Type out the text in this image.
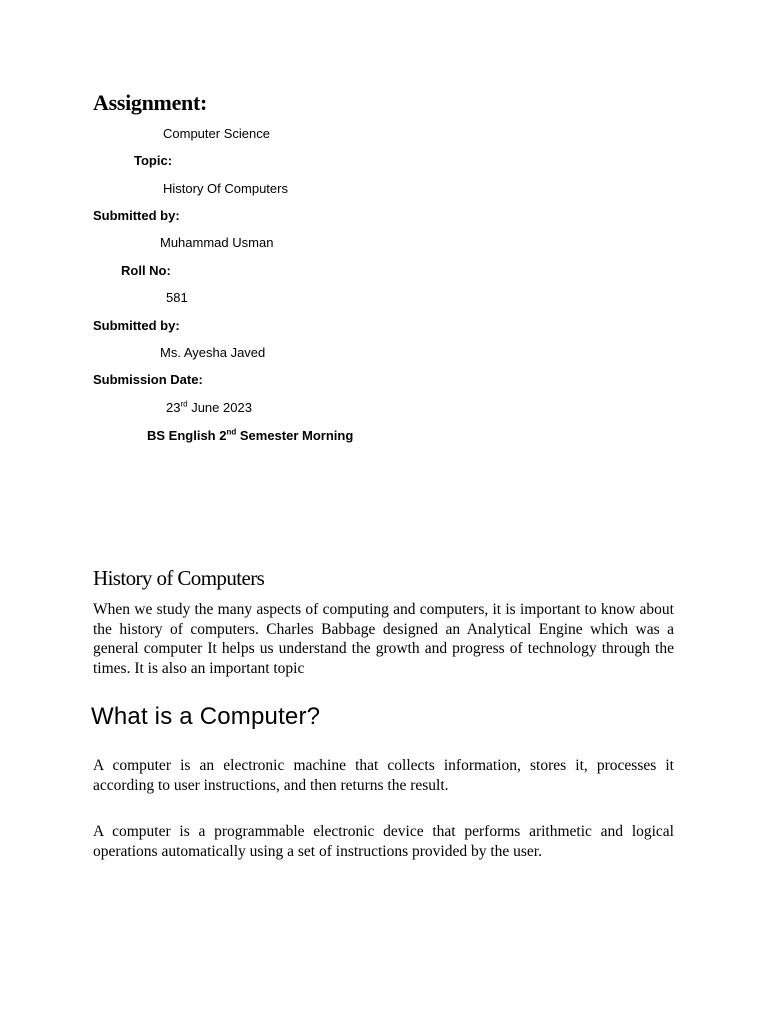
Assignment:
Computer Science
Topic:
History Of Computers
Submitted by:
Muhammad Usman
Roll No:
581
Submitted by:
Ms. Ayesha Javed
Submission Date:
23rd June 2023
BS English 2nd Semester Morning
History of Computers

When we study the many aspects of computing and computers, it is important to know about the history of computers. Charles Babbage designed an Analytical Engine which was a general computer It helps us understand the growth and progress of technology through the times. It is also an important topic

What is a Computer?

A computer is an electronic machine that collects information, stores it, processes it according to user instructions, and then returns the result.

A computer is a programmable electronic device that performs arithmetic and logical operations automatically using a set of instructions provided by the user.
